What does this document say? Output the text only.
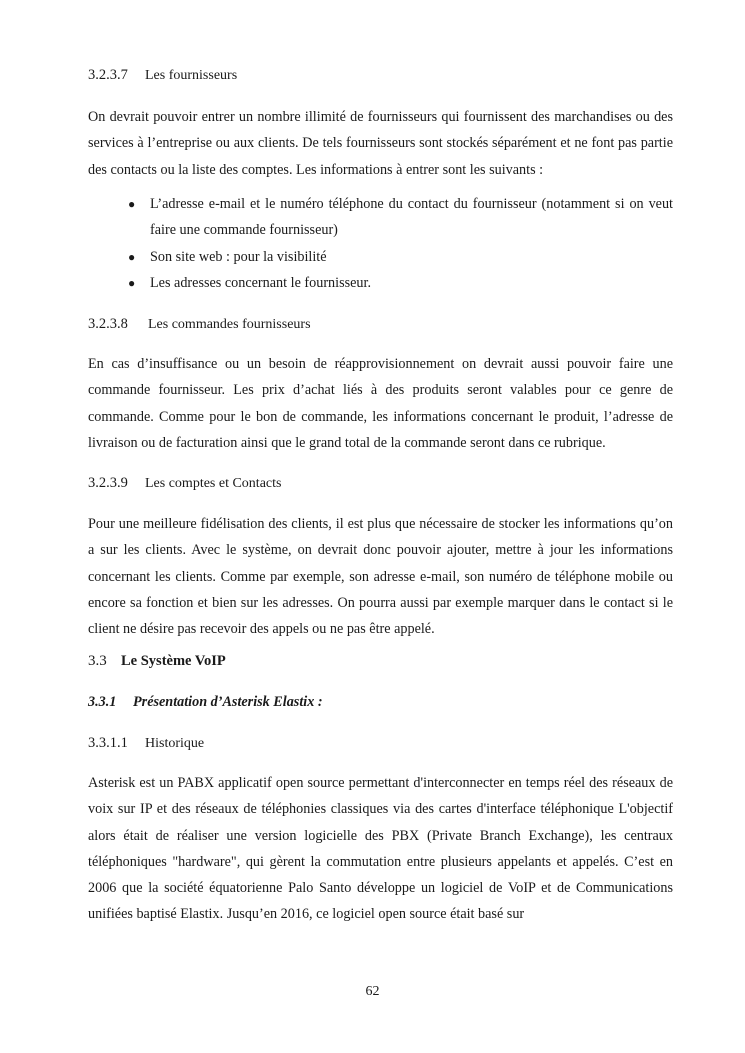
3.2.3.7 Les fournisseurs

On devrait pouvoir entrer un nombre illimité de fournisseurs qui fournissent des marchandises ou des services à l’entreprise ou aux clients. De tels fournisseurs sont stockés séparément et ne font pas partie des contacts ou la liste des comptes. Les informations à entrer sont les suivants :

● L’adresse e-mail et le numéro téléphone du contact du fournisseur (notamment si on veut faire une commande fournisseur)
● Son site web : pour la visibilité
● Les adresses concernant le fournisseur.
3.2.3.8 Les commandes fournisseurs

En cas d’insuffisance ou un besoin de réapprovisionnement on devrait aussi pouvoir faire une commande fournisseur. Les prix d’achat liés à des produits seront valables pour ce genre de commande. Comme pour le bon de commande, les informations concernant le produit, l’adresse de livraison ou de facturation ainsi que le grand total de la commande seront dans ce rubrique.

3.2.3.9 Les comptes et Contacts

Pour une meilleure fidélisation des clients, il est plus que nécessaire de stocker les informations qu’on a sur les clients. Avec le système, on devrait donc pouvoir ajouter, mettre à jour les informations concernant les clients. Comme par exemple, son adresse e-mail, son numéro de téléphone mobile ou encore sa fonction et bien sur les adresses. On pourra aussi par exemple marquer dans le contact si le client ne désire pas recevoir des appels ou ne pas être appelé.

3.3 Le Système VoIP
3.3.1 Présentation d’Asterisk Elastix :
3.3.1.1 Historique

Asterisk est un PABX applicatif open source permettant d'interconnecter en temps réel des réseaux de voix sur IP et des réseaux de téléphonies classiques via des cartes d'interface téléphonique L'objectif alors était de réaliser une version logicielle des PBX (Private Branch Exchange), les centraux téléphoniques "hardware", qui gèrent la commutation entre plusieurs appelants et appelés. C’est en 2006 que la société équatorienne Palo Santo développe un logiciel de VoIP et de Communications unifiées baptisé Elastix. Jusqu’en 2016, ce logiciel open source était basé sur

62
